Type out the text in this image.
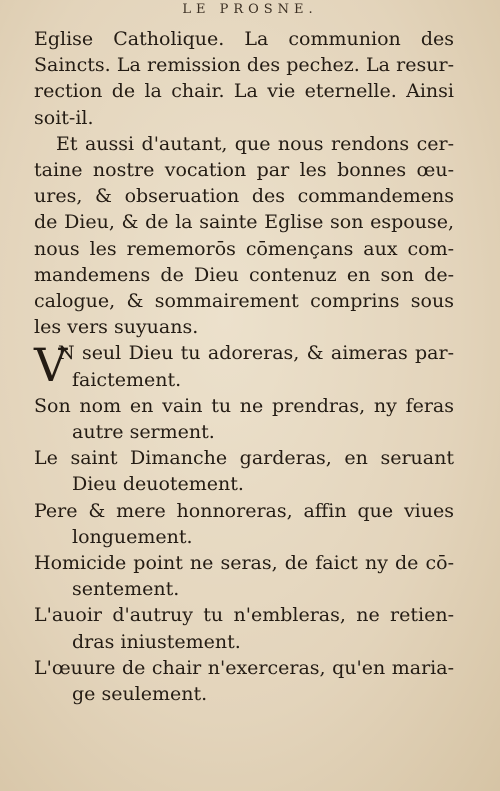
LE PROSNE.
Eglise Catholique. La communion des
Saincts. La remission des pechez. La resur-
rection de la chair. La vie eternelle. Ainsi
soit-il.
Et aussi d'autant, que nous rendons cer-
taine nostre vocation par les bonnes œu-
ures, & obseruation des commandemens
de Dieu, & de la sainte Eglise son espouse,
nous les rememorōs cōmençans aux com-
mandemens de Dieu contenuz en son de-
calogue, & sommairement comprins sous
les vers suyuans.
V
N seul Dieu tu adoreras, & aimeras par-
faictement.
Son nom en vain tu ne prendras, ny feras
autre serment.
Le saint Dimanche garderas, en seruant
Dieu deuotement.
Pere & mere honnoreras, affin que viues
longuement.
Homicide point ne seras, de faict ny de cō-
sentement.
L'auoir d'autruy tu n'embleras, ne retien-
dras iniustement.
L'œuure de chair n'exerceras, qu'en maria-
ge seulement.
